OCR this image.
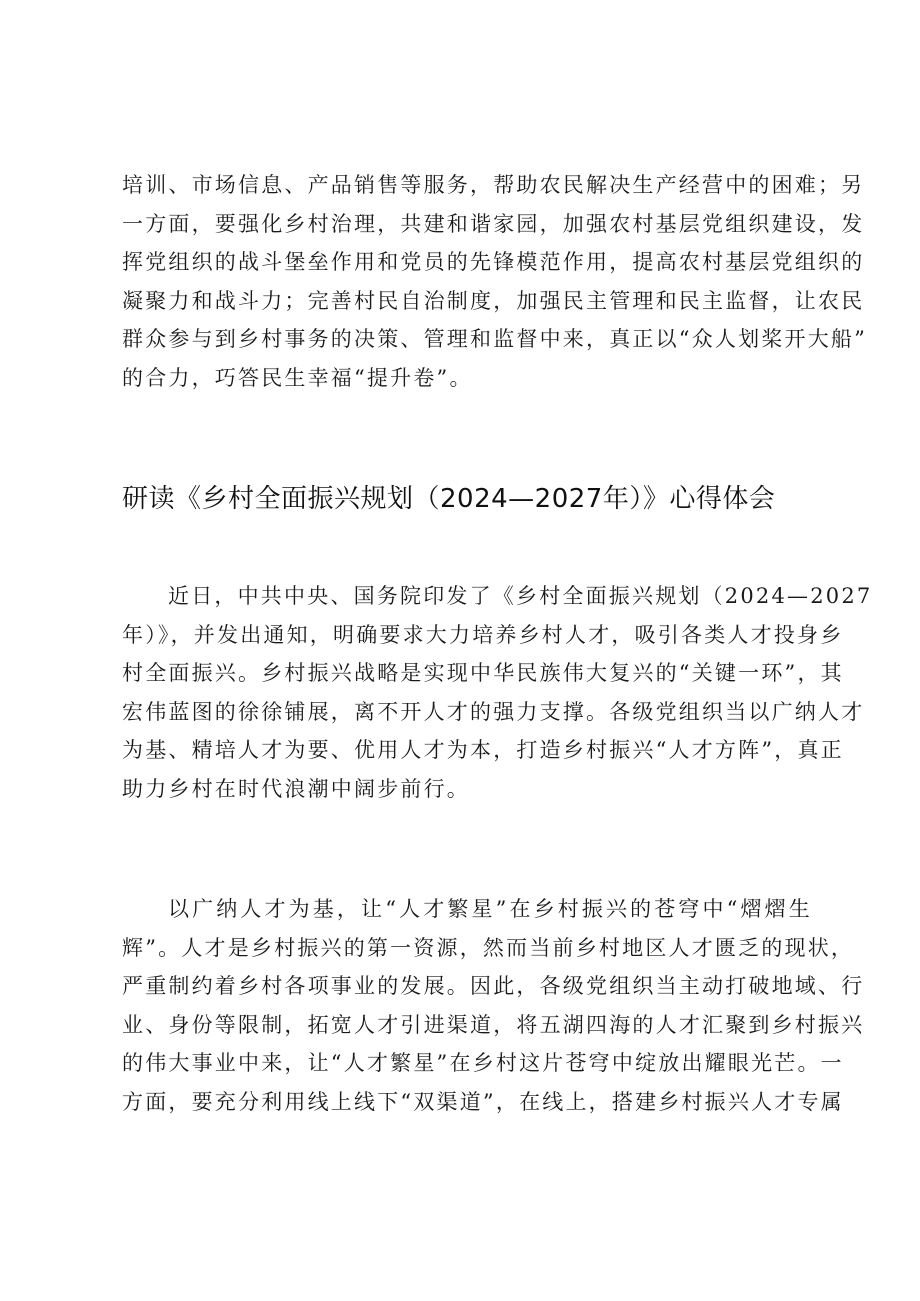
培训、市场信息、产品销售等服务，帮助农民解决生产经营中的困难；另
一方面，要强化乡村治理，共建和谐家园，加强农村基层党组织建设，发
挥党组织的战斗堡垒作用和党员的先锋模范作用，提高农村基层党组织的
凝聚力和战斗力；完善村民自治制度，加强民主管理和民主监督，让农民
群众参与到乡村事务的决策、管理和监督中来，真正以“众人划桨开大船”
的合力，巧答民生幸福“提升卷”。
研读《乡村全面振兴规划（2024—2027年）》心得体会
近日，中共中央、国务院印发了《乡村全面振兴规划（2024—2027
年）》，并发出通知，明确要求大力培养乡村人才，吸引各类人才投身乡
村全面振兴。乡村振兴战略是实现中华民族伟大复兴的“关键一环”，其
宏伟蓝图的徐徐铺展，离不开人才的强力支撑。各级党组织当以广纳人才
为基、精培人才为要、优用人才为本，打造乡村振兴“人才方阵”，真正
助力乡村在时代浪潮中阔步前行。
以广纳人才为基，让“人才繁星”在乡村振兴的苍穹中“熠熠生
辉”。人才是乡村振兴的第一资源，然而当前乡村地区人才匮乏的现状，
严重制约着乡村各项事业的发展。因此，各级党组织当主动打破地域、行
业、身份等限制，拓宽人才引进渠道，将五湖四海的人才汇聚到乡村振兴
的伟大事业中来，让“人才繁星”在乡村这片苍穹中绽放出耀眼光芒。一
方面，要充分利用线上线下“双渠道”，在线上，搭建乡村振兴人才专属
